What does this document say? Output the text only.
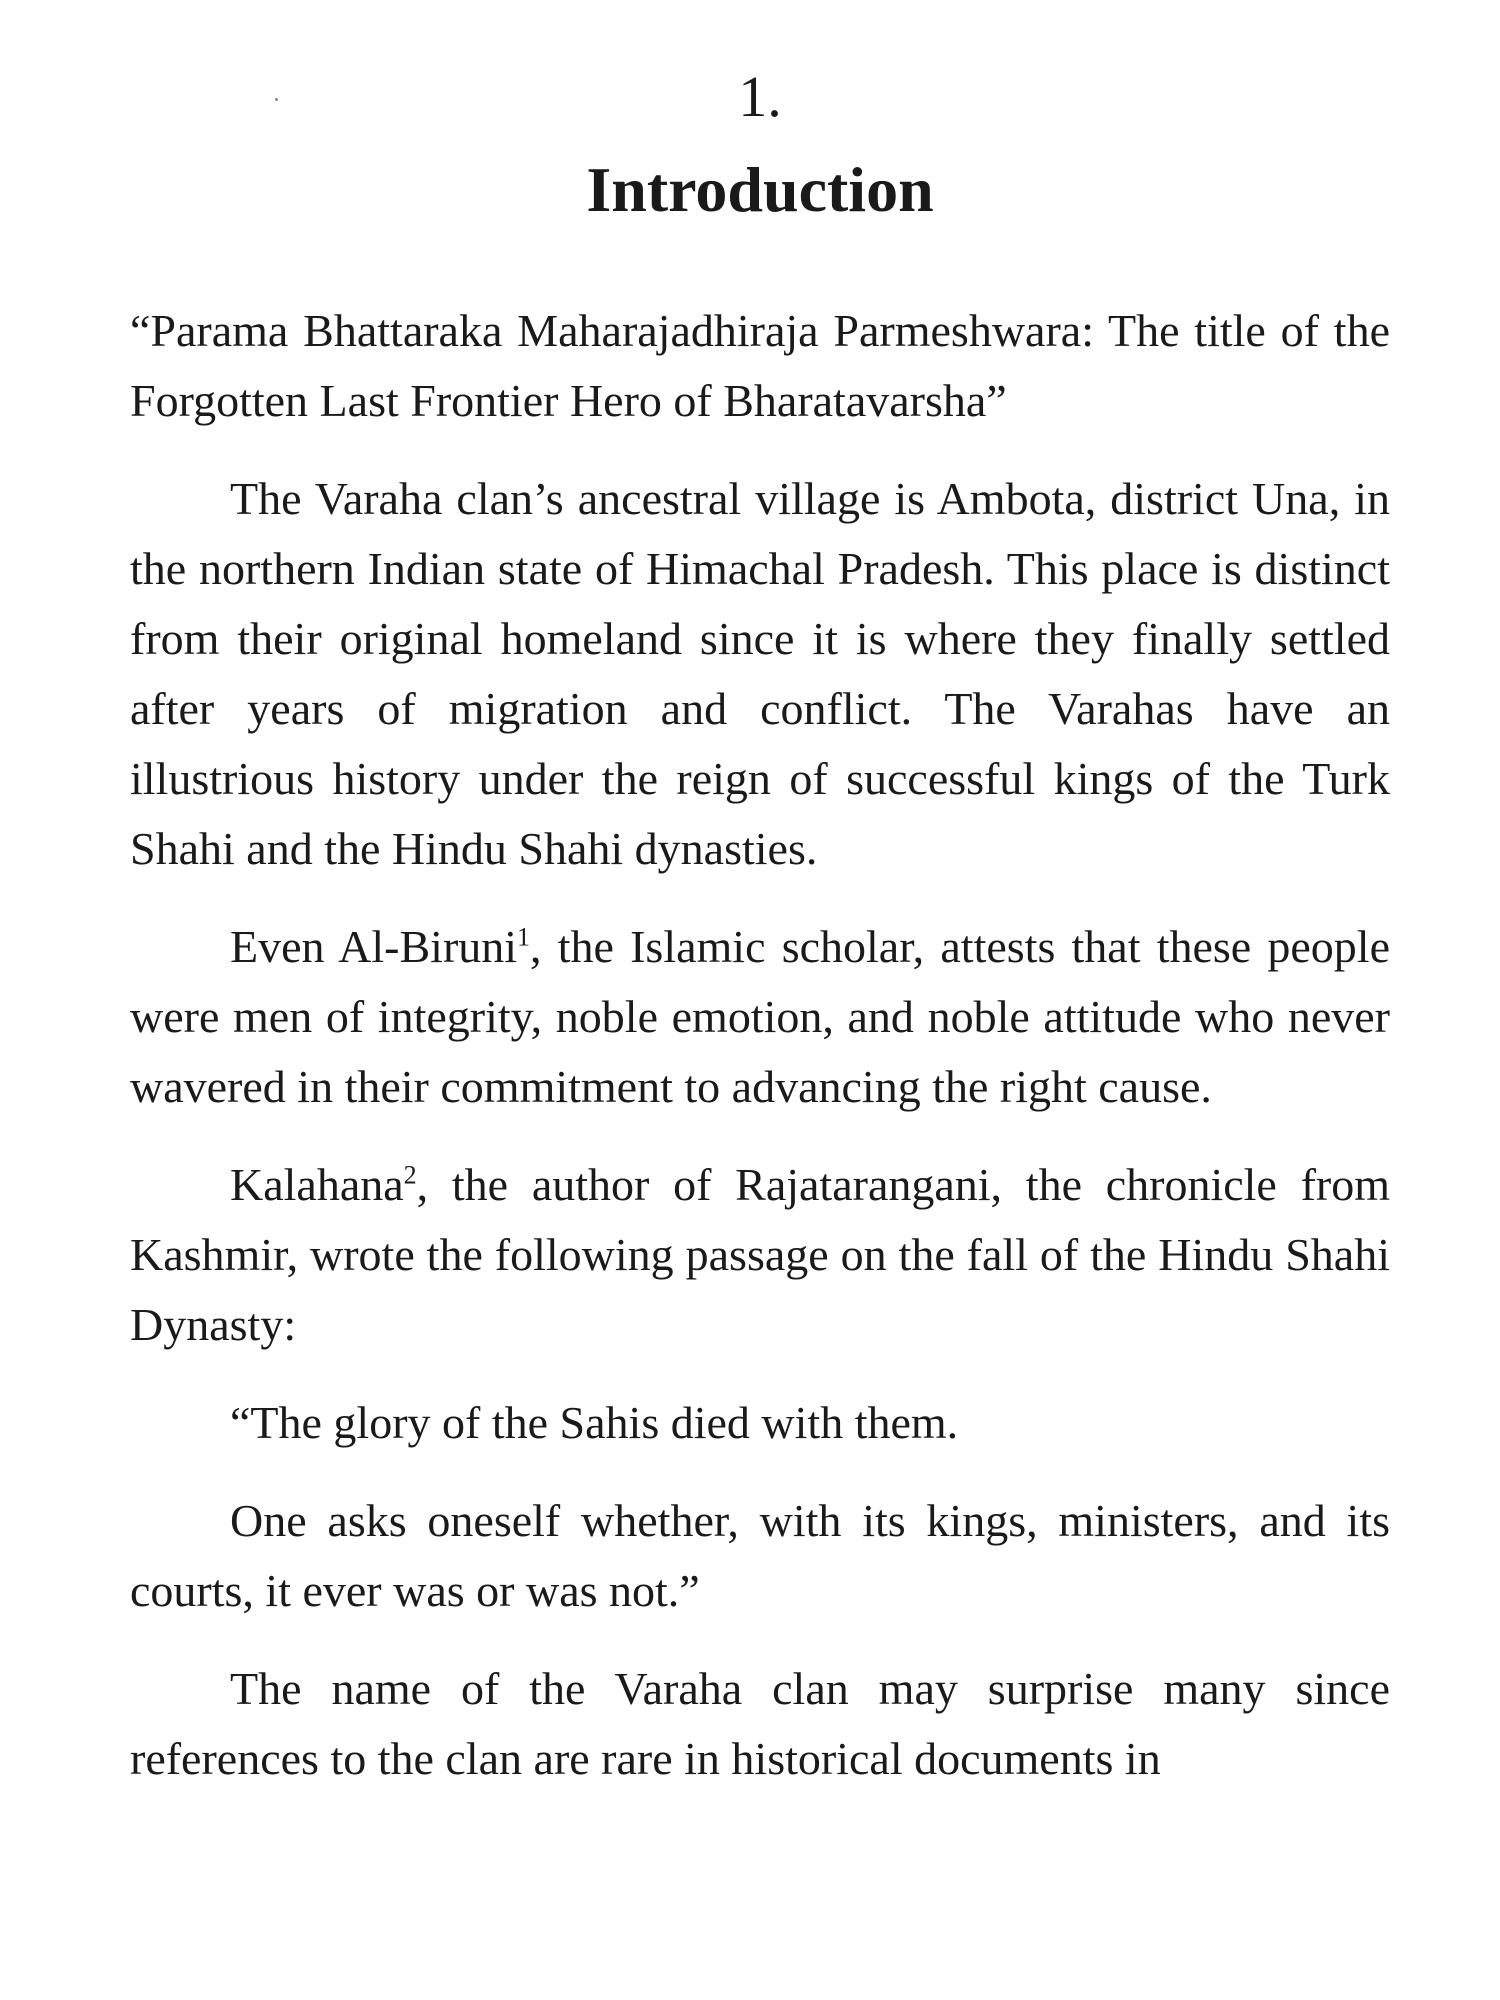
1.
Introduction

“Parama Bhattaraka Maharajadhiraja Parmeshwara: The title of the Forgotten Last Frontier Hero of Bharatavarsha”

The Varaha clan’s ancestral village is Ambota, district Una, in the northern Indian state of Himachal Pradesh. This place is distinct from their original homeland since it is where they finally settled after years of migration and conflict. The Varahas have an illustrious history under the reign of successful kings of the Turk Shahi and the Hindu Shahi dynasties.

Even Al-Biruni$^1$, the Islamic scholar, attests that these people were men of integrity, noble emotion, and noble attitude who never wavered in their commitment to advancing the right cause.

Kalahana$^2$, the author of Rajatarangani, the chronicle from Kashmir, wrote the following passage on the fall of the Hindu Shahi Dynasty:

“The glory of the Sahis died with them.

One asks oneself whether, with its kings, ministers, and its courts, it ever was or was not.”

The name of the Varaha clan may surprise many since references to the clan are rare in historical documents in
